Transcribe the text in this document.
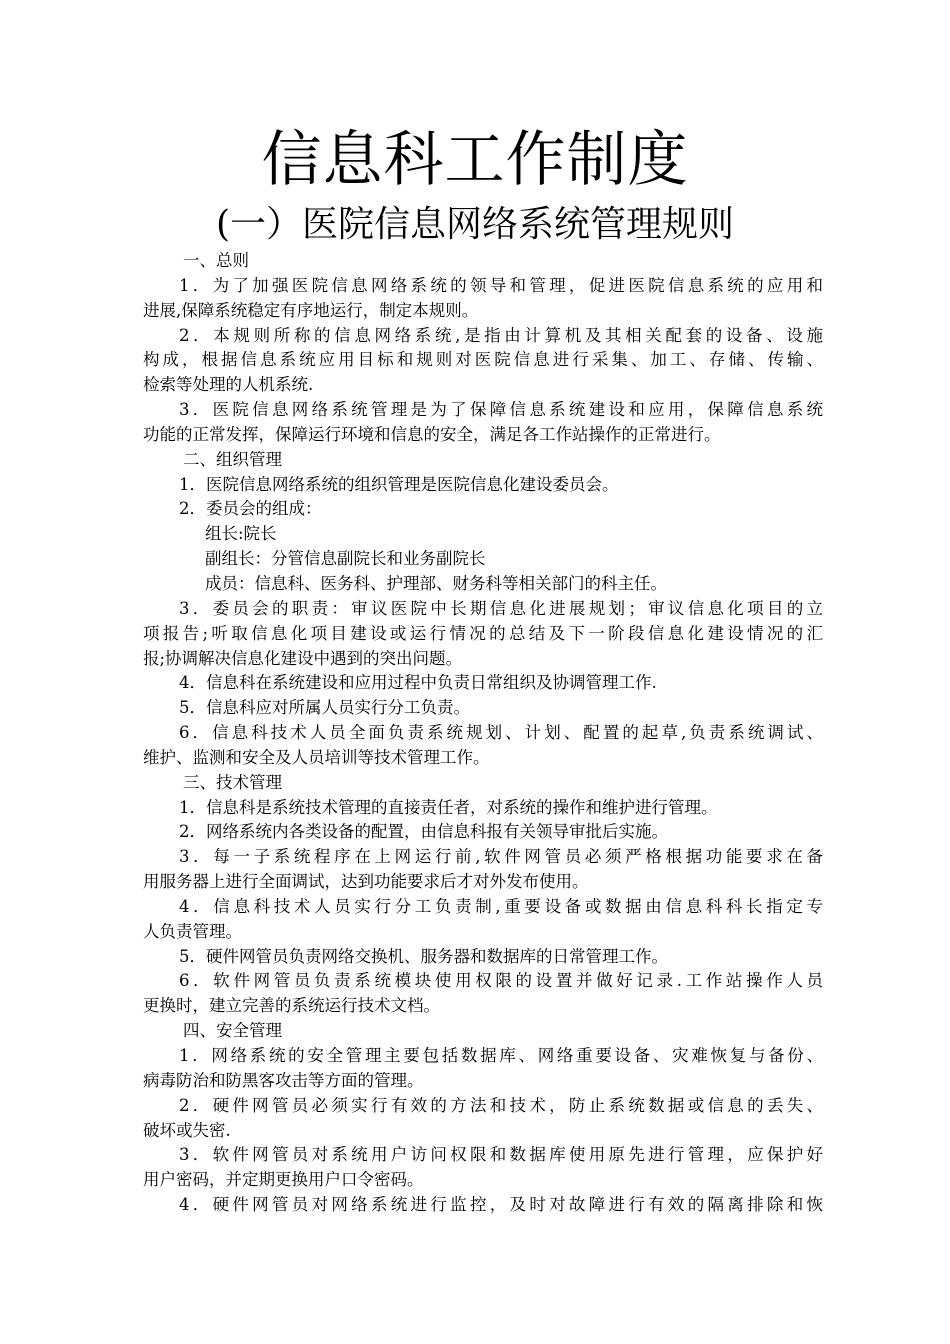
信息科工作制度
(一）医院信息网络系统管理规则
一、总则
1．为了加强医院信息网络系统的领导和管理，促进医院信息系统的应用和
进展,保障系统稳定有序地运行，制定本规则。
2．本规则所称的信息网络系统,是指由计算机及其相关配套的设备、设施
构成，根据信息系统应用目标和规则对医院信息进行采集、加工、存储、传输、
检索等处理的人机系统.
3．医院信息网络系统管理是为了保障信息系统建设和应用，保障信息系统
功能的正常发挥，保障运行环境和信息的安全，满足各工作站操作的正常进行。
二、组织管理
1．医院信息网络系统的组织管理是医院信息化建设委员会。
2．委员会的组成：
组长:院长
副组长：分管信息副院长和业务副院长
成员：信息科、医务科、护理部、财务科等相关部门的科主任。
3．委员会的职责：审议医院中长期信息化进展规划；审议信息化项目的立
项报告;听取信息化项目建设或运行情况的总结及下一阶段信息化建设情况的汇
报;协调解决信息化建设中遇到的突出问题。
4．信息科在系统建设和应用过程中负责日常组织及协调管理工作.
5．信息科应对所属人员实行分工负责。
6．信息科技术人员全面负责系统规划、计划、配置的起草,负责系统调试、
维护、监测和安全及人员培训等技术管理工作。
三、技术管理
1．信息科是系统技术管理的直接责任者，对系统的操作和维护进行管理。
2．网络系统内各类设备的配置，由信息科报有关领导审批后实施。
3．每一子系统程序在上网运行前,软件网管员必须严格根据功能要求在备
用服务器上进行全面调试，达到功能要求后才对外发布使用。
4．信息科技术人员实行分工负责制,重要设备或数据由信息科科长指定专
人负责管理。
5．硬件网管员负责网络交换机、服务器和数据库的日常管理工作。
6．软件网管员负责系统模块使用权限的设置并做好记录.工作站操作人员
更换时，建立完善的系统运行技术文档。
四、安全管理
1．网络系统的安全管理主要包括数据库、网络重要设备、灾难恢复与备份、
病毒防治和防黑客攻击等方面的管理。
2．硬件网管员必须实行有效的方法和技术，防止系统数据或信息的丢失、
破坏或失密.
3．软件网管员对系统用户访问权限和数据库使用原先进行管理，应保护好
用户密码，并定期更换用户口令密码。
4．硬件网管员对网络系统进行监控，及时对故障进行有效的隔离排除和恢
